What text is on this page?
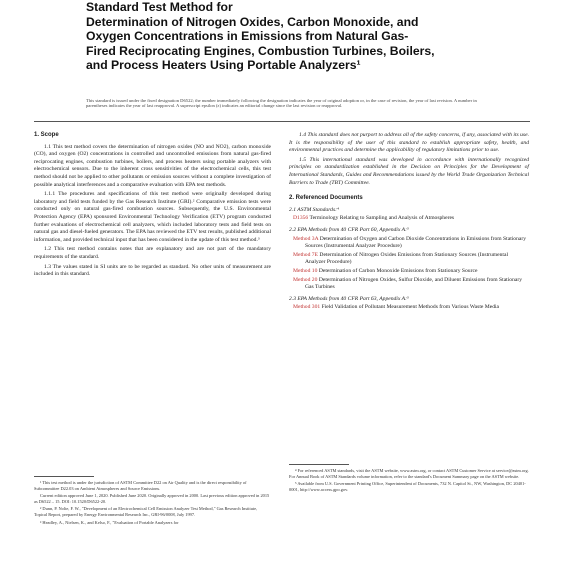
Standard Test Method for
Determination of Nitrogen Oxides, Carbon Monoxide, and
Oxygen Concentrations in Emissions from Natural Gas-
Fired Reciprocating Engines, Combustion Turbines, Boilers,
and Process Heaters Using Portable Analyzers¹
This standard is issued under the fixed designation D6522; the number immediately following the designation indicates the year of original adoption or, in the case of revision, the year of last revision. A number in parentheses indicates the year of last reapproval. A superscript epsilon (ε) indicates an editorial change since the last revision or reapproval.
1. Scope
1.1 This test method covers the determination of nitrogen oxides (NO and NO2), carbon monoxide (CO), and oxygen (O2) concentrations in controlled and uncontrolled emissions from natural gas-fired reciprocating engines, combustion turbines, boilers, and process heaters using portable analyzers with electrochemical sensors. Due to the inherent cross sensitivities of the electrochemical cells, this test method should not be applied to other pollutants or emission sources without a complete investigation of possible analytical interferences and a comparative evaluation with EPA test methods.
1.1.1 The procedures and specifications of this test method were originally developed during laboratory and field tests funded by the Gas Research Institute (GRI).² Comparative emission tests were conducted only on natural gas-fired combustion sources. Subsequently, the U.S. Environmental Protection Agency (EPA) sponsored Environmental Technology Verification (ETV) program conducted further evaluations of electrochemical cell analyzers, which included laboratory tests and field tests on natural gas and diesel-fueled generators. The EPA has reviewed the ETV test results, published additional information, and provided technical input that has been considered in the update of this test method.³
1.2 This test method contains notes that are explanatory and are not part of the mandatory requirements of the standard.
1.3 The values stated in SI units are to be regarded as standard. No other units of measurement are included in this standard.
1.4 This standard does not purport to address all of the safety concerns, if any, associated with its use. It is the responsibility of the user of this standard to establish appropriate safety, health, and environmental practices and determine the applicability of regulatory limitations prior to use.
1.5 This international standard was developed in accordance with internationally recognized principles on standardization established in the Decision on Principles for the Development of International Standards, Guides and Recommendations issued by the World Trade Organization Technical Barriers to Trade (TBT) Committee.
2. Referenced Documents
2.1 ASTM Standards:⁴
D1356 Terminology Relating to Sampling and Analysis of Atmospheres
2.2 EPA Methods from 40 CFR Part 60, Appendix A:⁵
Method 3A Determination of Oxygen and Carbon Dioxide Concentrations in Emissions from Stationary Sources (Instrumental Analyzer Procedure)
Method 7E Determination of Nitrogen Oxides Emissions from Stationary Sources (Instrumental Analyzer Procedure)
Method 10 Determination of Carbon Monoxide Emissions from Stationary Source
Method 20 Determination of Nitrogen Oxides, Sulfur Dioxide, and Diluent Emissions from Stationary Gas Turbines
2.3 EPA Methods from 40 CFR Part 63, Appendix A:⁵
Method 301 Field Validation of Pollutant Measurement Methods from Various Waste Media

¹ This test method is under the jurisdiction of ASTM Committee D22 on Air Quality and is the direct responsibility of Subcommittee D22.03 on Ambient Atmospheres and Source Emissions.

Current edition approved June 1, 2020. Published June 2020. Originally approved in 2000. Last previous edition approved in 2015 as D6522 – 15. DOI: 10.1520/D6522-20.

² Dunn, P. Nolte, F. W., "Development of an Electrochemical Cell Emission Analyzer Test Method," Gas Research Institute, Topical Report, prepared by Energy Environmental Research Inc., GRI-96/0008, July 1997.

³ Headley, A., Nielsen, K., and Kelso, F., "Evaluation of Portable Analyzers for

⁴ For referenced ASTM standards, visit the ASTM website, www.astm.org, or contact ASTM Customer Service at service@astm.org. For Annual Book of ASTM Standards volume information, refer to the standard's Document Summary page on the ASTM website.

⁵ Available from U.S. Government Printing Office, Superintendent of Documents, 732 N. Capitol St., NW, Washington, DC 20401-0001, http://www.access.gpo.gov.
